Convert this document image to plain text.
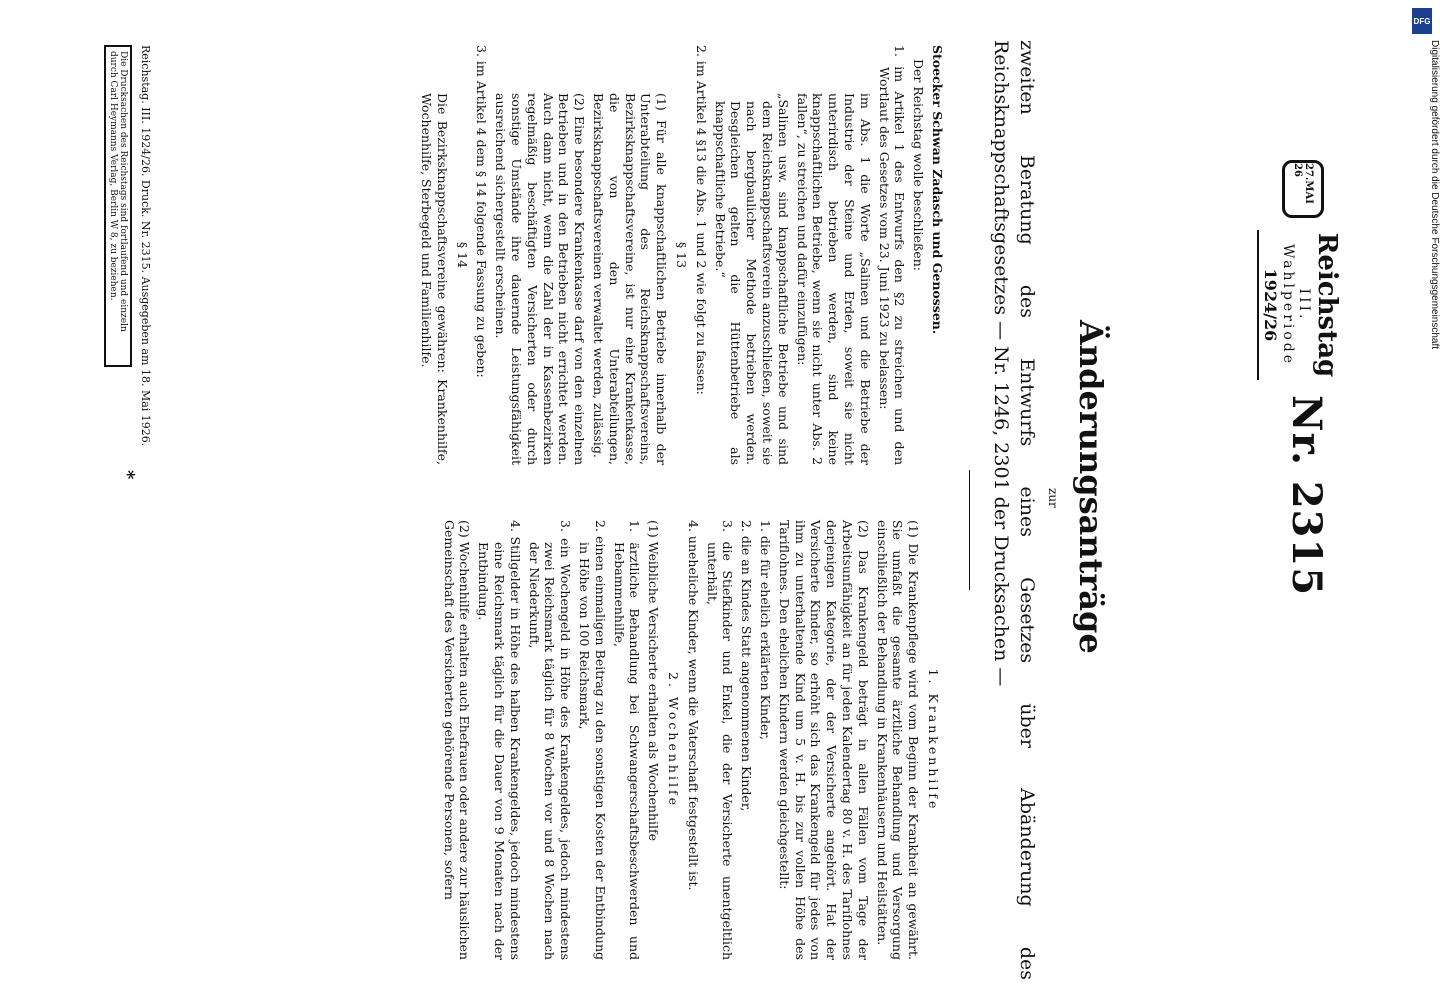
Nr. 2315
27.MAI 26
Reichstag
III. Wahlperiode
1924/26
Änderungsanträge
zur
zweiten Beratung des Entwurfs eines Gesetzes über Abänderung des Reichsknappschaftsgesetzes — Nr. 1246, 2301 der Drucksachen —

Stoecker Schwan Zadasch und Genossen.

Der Reichstag wolle beschließen:

1. im Artikel 1 des Entwurfs den §2 zu streichen und den Wortlaut des Gesetzes vom 23. Juni 1923 zu belassen:

im Abs. 1 die Worte „Salinen und die Betriebe der Industrie der Steine und Erden, soweit sie nicht unterirdisch betrieben werden, sind keine knappschaftlichen Betriebe, wenn sie nicht unter Abs. 2 fallen“, zu streichen und dafür einzufügen:

„Salinen usw. sind knappschaftliche Betriebe und sind dem Reichsknappschaftsverein anzuschließen, soweit sie nach bergbaulicher Methode betrieben werden. Desgleichen gelten die Hüttenbetriebe als knappschaftliche Betriebe.“

2. im Artikel 4 §13 die Abs. 1 und 2 wie folgt zu fassen:

§ 13

(1) Für alle knappschaftlichen Betriebe innerhalb der Unterabteilung des Reichsknappschaftsvereins, Bezirksknappschaftsvereine, ist nur eine Krankenkasse, die von den Unterabteilungen, Bezirksknappschaftsvereinen verwaltet werden, zulässig.

(2) Eine besondere Krankenkasse darf von den einzelnen Betrieben und in den Betrieben nicht errichtet werden. Auch dann nicht, wenn die Zahl der in Kassenbezirken regelmäßig beschäftigten Versicherten oder durch sonstige Umstände ihre dauernde Leistungsfähigkeit ausreichend sichergestellt erscheinen.

3. im Artikel 4 dem § 14 folgende Fassung zu geben:

§ 14

Die Bezirksknappschaftsvereine gewähren: Krankenhilfe, Wochenhilfe, Sterbegeld und Familienhilfe.

1. Krankenhilfe

(1) Die Krankenpflege wird vom Beginn der Krankheit an gewährt. Sie umfaßt die gesamte ärztliche Behandlung und Versorgung einschließlich der Behandlung in Krankenhäusern und Heilstätten.

(2) Das Krankengeld beträgt in allen Fällen vom Tage der Arbeitsunfähigkeit an für jeden Kalendertag 80 v. H. des Tariflohnes derjenigen Kategorie, der der Versicherte angehört. Hat der Versicherte Kinder, so erhöht sich das Krankengeld für jedes von ihm zu unterhaltende Kind um 5 v. H. bis zur vollen Höhe des Tariflohnes. Den ehelichen Kindern werden gleichgestellt:

1. die für ehelich erklärten Kinder,

2. die an Kindes Statt angenommenen Kinder,

3. die Stiefkinder und Enkel, die der Versicherte unentgeltlich unterhält,

4. uneheliche Kinder, wenn die Vaterschaft festgestellt ist.

2. Wochenhilfe

(1) Weibliche Versicherte erhalten als Wochenhilfe

1. ärztliche Behandlung bei Schwangerschaftsbeschwerden und Hebammenhilfe,

2. einen einmaligen Beitrag zu den sonstigen Kosten der Entbindung in Höhe von 100 Reichsmark,

3. ein Wochengeld in Höhe des Krankengeldes, jedoch mindestens zwei Reichsmark täglich für 8 Wochen vor und 8 Wochen nach der Niederkunft,

4. Stillgelder in Höhe des halben Krankengeldes, jedoch mindestens eine Reichsmark täglich für die Dauer von 9 Monaten nach der Entbindung.

(2) Wochenhilfe erhalten auch Ehefrauen oder andere zur häuslichen Gemeinschaft des Versicherten gehörende Personen, sofern

Reichstag. III. 1924/26. Druck. Nr. 2315. Ausgegeben am 18. Mai 1926.
Die Drucksachen des Reichstags sind fortlaufend und einzeln durch Carl Heymanns Verlag, Berlin W 8, zu beziehen.
*
DFG
Digitalisierung gefördert durch die Deutsche Forschungsgemeinschaft
